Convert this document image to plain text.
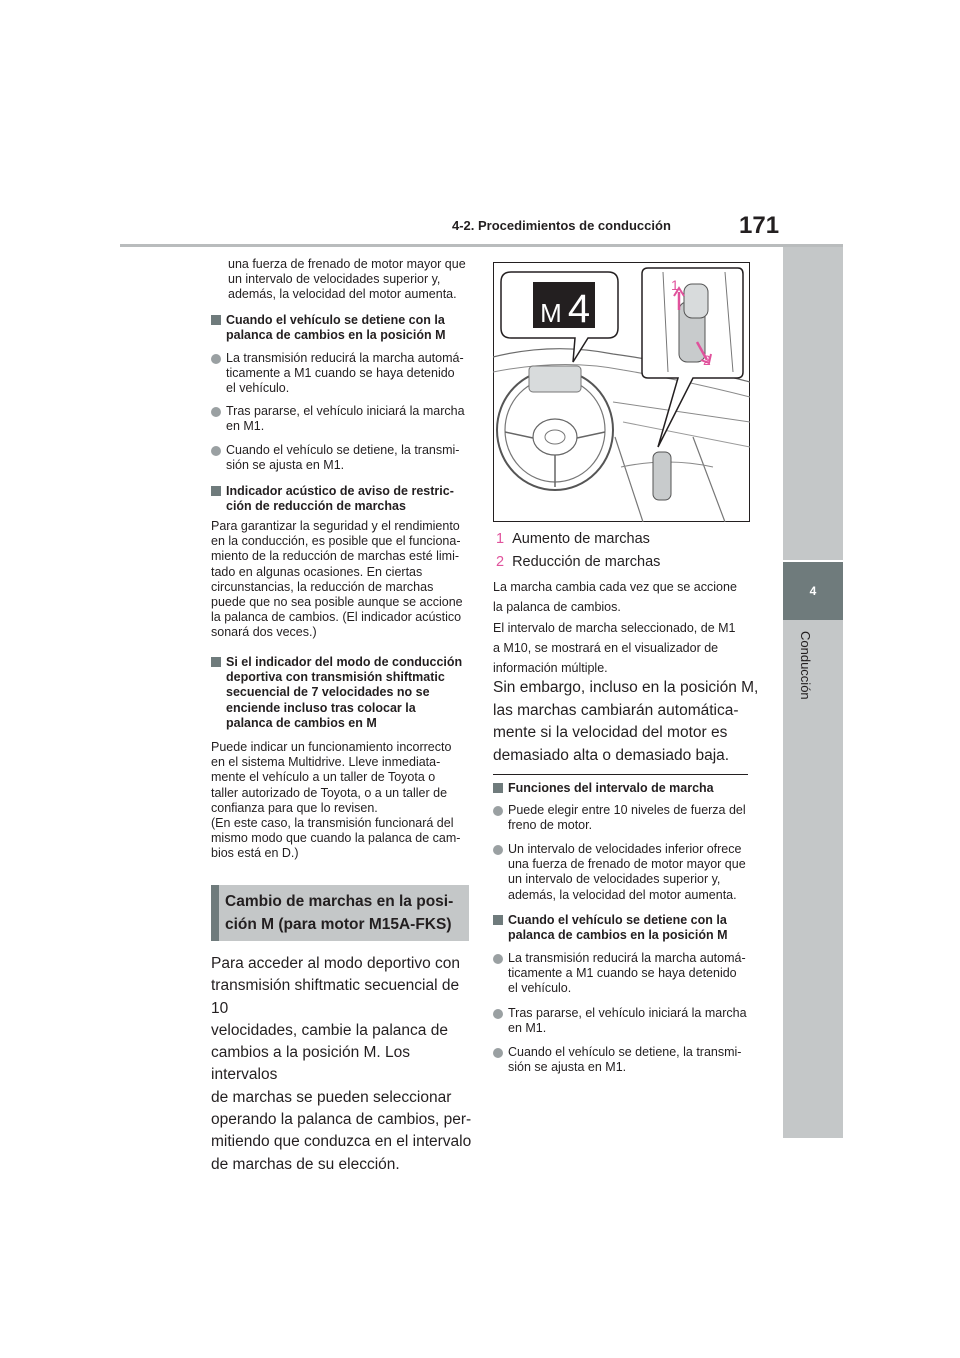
4-2. Procedimientos de conducción	171
4
Conducción

una fuerza de frenado de motor mayor que

un intervalo de velocidades superior y,

además, la velocidad del motor aumenta.

Cuando el vehículo se detiene con la

palanca de cambios en la posición M

La transmisión reducirá la marcha automá-

ticamente a M1 cuando se haya detenido

el vehículo.

Tras pararse, el vehículo iniciará la marcha

en M1.

Cuando el vehículo se detiene, la transmi-

sión se ajusta en M1.

Indicador acústico de aviso de restric-

ción de reducción de marchas

Para garantizar la seguridad y el rendimiento

en la conducción, es posible que el funciona-

miento de la reducción de marchas esté limi-

tado en algunas ocasiones. En ciertas

circunstancias, la reducción de marchas

puede que no sea posible aunque se accione

la palanca de cambios. (El indicador acústico

sonará dos veces.)

Si el indicador del modo de conducción

deportiva con transmisión shiftmatic

secuencial de 7 velocidades no se

enciende incluso tras colocar la

palanca de cambios en M

Puede indicar un funcionamiento incorrecto

en el sistema Multidrive. Lleve inmediata-

mente el vehículo a un taller de Toyota o

taller autorizado de Toyota, o a un taller de

confianza para que lo revisen.

(En este caso, la transmisión funcionará del

mismo modo que cuando la palanca de cam-

bios está en D.)

Cambio de marchas en la posi-
ción M (para motor M15A-FKS)

Para acceder al modo deportivo con

transmisión shiftmatic secuencial de 10

velocidades, cambie la palanca de

cambios a la posición M. Los intervalos

de marchas se pueden seleccionar

operando la palanca de cambios, per-

mitiendo que conduzca en el intervalo

de marchas de su elección.

M 4
1
2

1 Aumento de marchas

2 Reducción de marchas

La marcha cambia cada vez que se accione

la palanca de cambios.

El intervalo de marcha seleccionado, de M1

a M10, se mostrará en el visualizador de

información múltiple.

Sin embargo, incluso en la posición M,

las marchas cambiarán automática-

mente si la velocidad del motor es

demasiado alta o demasiado baja.

Funciones del intervalo de marcha

Puede elegir entre 10 niveles de fuerza del

freno de motor.

Un intervalo de velocidades inferior ofrece

una fuerza de frenado de motor mayor que

un intervalo de velocidades superior y,

además, la velocidad del motor aumenta.

Cuando el vehículo se detiene con la

palanca de cambios en la posición M

La transmisión reducirá la marcha automá-

ticamente a M1 cuando se haya detenido

el vehículo.

Tras pararse, el vehículo iniciará la marcha

en M1.

Cuando el vehículo se detiene, la transmi-

sión se ajusta en M1.
